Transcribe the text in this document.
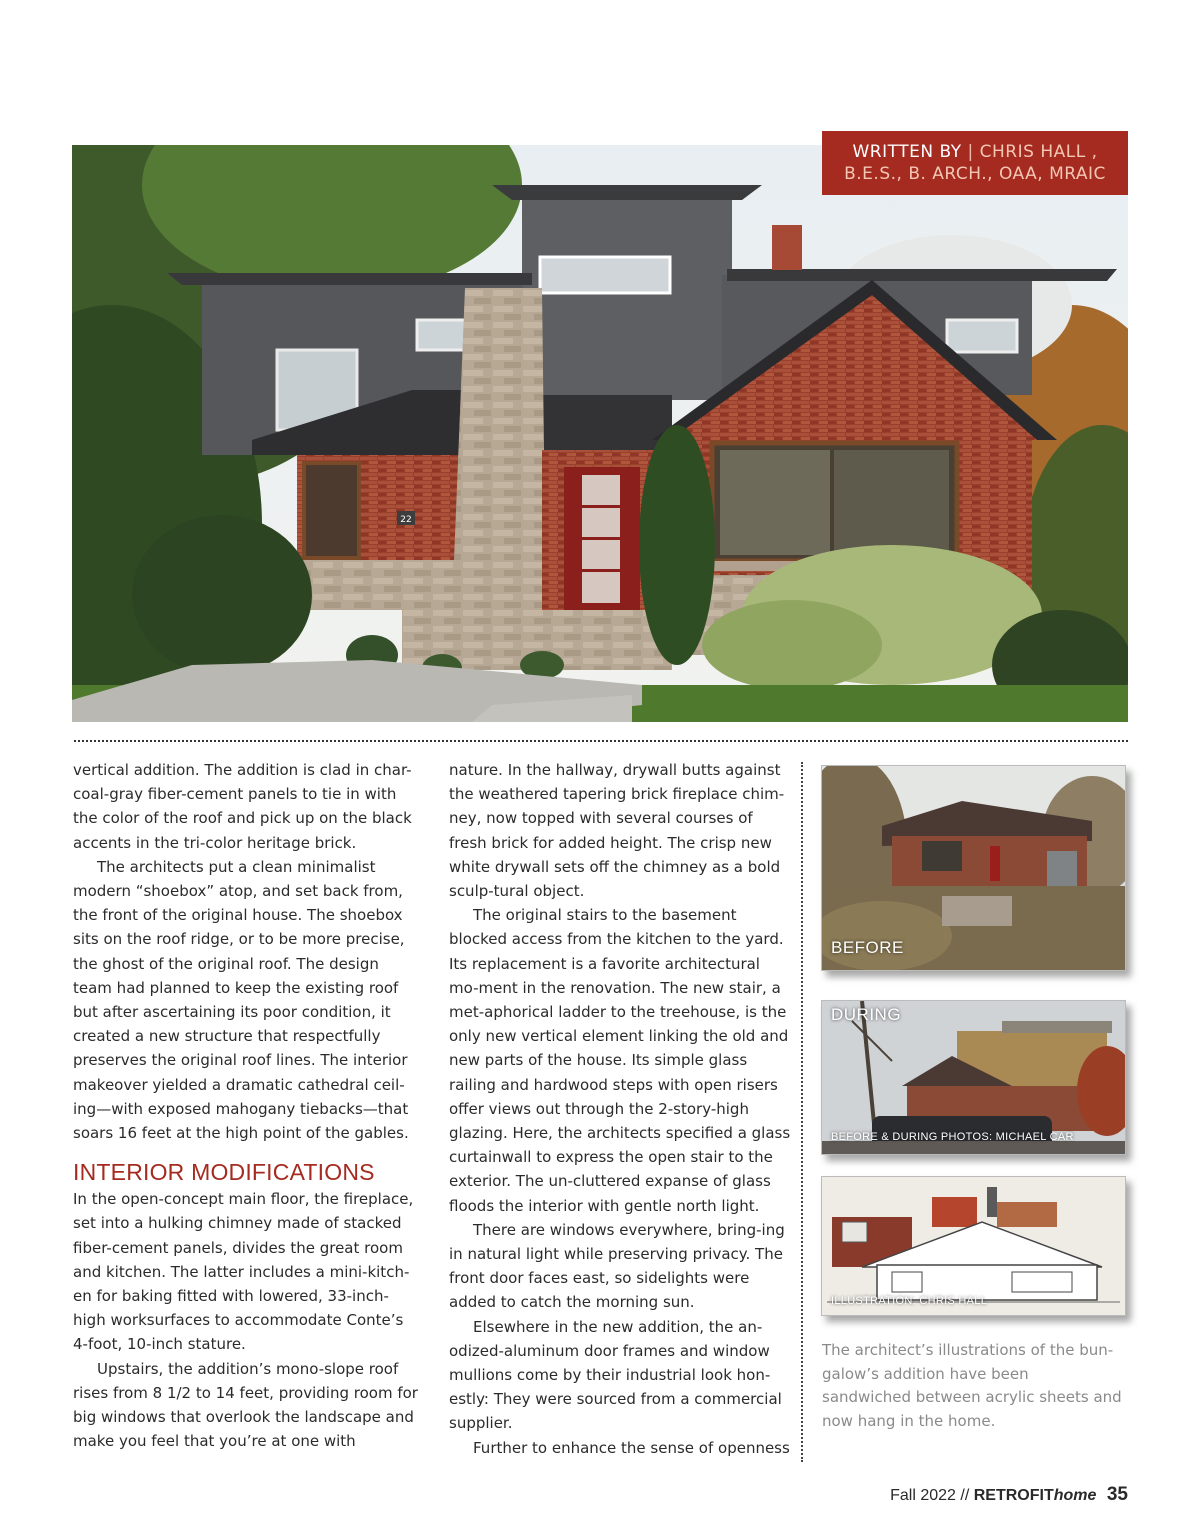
22
WRITTEN BY | CHRIS HALL ,
B.E.S., B. ARCH., OAA, MRAIC

vertical addition. The addition is clad in char-coal-gray fiber-cement panels to tie in with the color of the roof and pick up on the black accents in the tri-color heritage brick.

The architects put a clean minimalist modern “shoebox” atop, and set back from, the front of the original house. The shoebox sits on the roof ridge, or to be more precise, the ghost of the original roof. The design team had planned to keep the existing roof but after ascertaining its poor condition, it created a new structure that respectfully preserves the original roof lines. The interior makeover yielded a dramatic cathedral ceil-ing—with exposed mahogany tiebacks—that soars 16 feet at the high point of the gables.

INTERIOR MODIFICATIONS

In the open-concept main floor, the fireplace, set into a hulking chimney made of stacked fiber-cement panels, divides the great room and kitchen. The latter includes a mini-kitch-en for baking fitted with lowered, 33-inch-high worksurfaces to accommodate Conte’s 4-foot, 10-inch stature.

Upstairs, the addition’s mono-slope roof rises from 8 1/2 to 14 feet, providing room for big windows that overlook the landscape and make you feel that you’re at one with

nature. In the hallway, drywall butts against the weathered tapering brick fireplace chim-ney, now topped with several courses of fresh brick for added height. The crisp new white drywall sets off the chimney as a bold sculp-tural object.

The original stairs to the basement blocked access from the kitchen to the yard. Its replacement is a favorite architectural mo-ment in the renovation. The new stair, a met-aphorical ladder to the treehouse, is the only new vertical element linking the old and new parts of the house. Its simple glass railing and hardwood steps with open risers offer views out through the 2-story-high glazing. Here, the architects specified a glass curtainwall to express the open stair to the exterior. The un-cluttered expanse of glass floods the interior with gentle north light.

There are windows everywhere, bring-ing in natural light while preserving privacy. The front door faces east, so sidelights were added to catch the morning sun.

Elsewhere in the new addition, the an-odized-aluminum door frames and window mullions come by their industrial look hon-estly: They were sourced from a commercial supplier.

Further to enhance the sense of openness

BEFORE
DURING
BEFORE & DURING PHOTOS: MICHAEL CAR
ILLUSTRATION: CHRIS HALL
The architect’s illustrations of the bun-galow’s addition have been sandwiched between acrylic sheets and now hang in the home.
Fall 2022 // RETROFIThome 35
